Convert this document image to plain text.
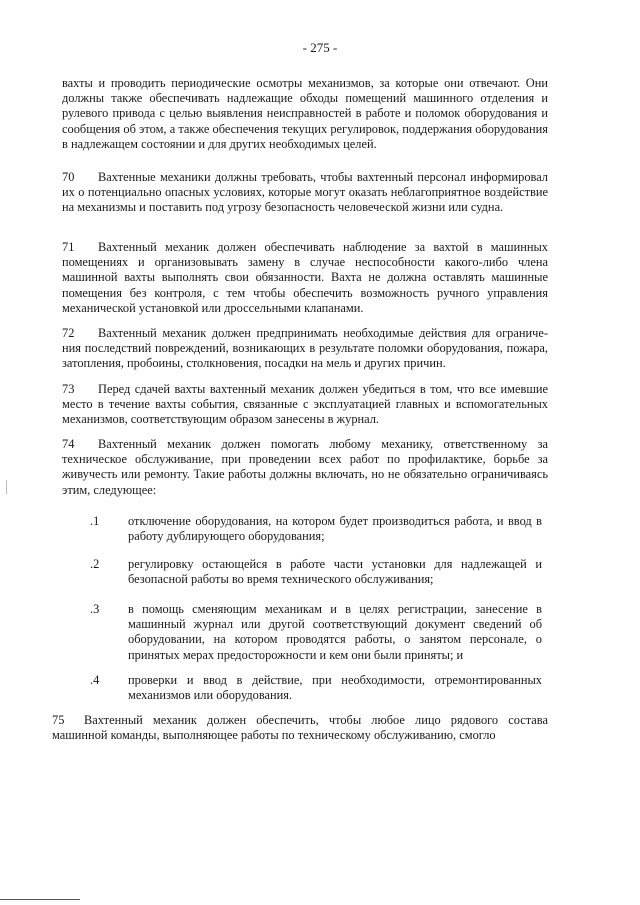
- 275 -
вахты и проводить периодические осмотры механизмов, за которые они отвечают. Они должны также обеспечивать надлежащие обходы помещений машинного отделения и рулевого привода с целью выявления неисправностей в работе и поломок оборудования и сообщения об этом, а также обеспечения текущих регулировок, поддержания оборудования в надлежащем состоянии и для других необходимых целей.
70 Вахтенные механики должны требовать, чтобы вахтенный персонал информировал их о потенциально опасных условиях, которые могут оказать неблагоприятное воздействие на механизмы и поставить под угрозу безопасность человеческой жизни или судна.
71 Вахтенный механик должен обеспечивать наблюдение за вахтой в машинных помещениях и организовывать замену в случае неспособности какого-либо члена машинной вахты выполнять свои обязанности. Вахта не должна оставлять машинные помещения без контроля, с тем чтобы обеспечить возможность ручного управления механической установкой или дроссельными клапанами.
72 Вахтенный механик должен предпринимать необходимые действия для ограниче-ния последствий повреждений, возникающих в результате поломки оборудования, пожара, затопления, пробоины, столкновения, посадки на мель и других причин.
73 Перед сдачей вахты вахтенный механик должен убедиться в том, что все имевшие место в течение вахты события, связанные с эксплуатацией главных и вспомогательных механизмов, соответствующим образом занесены в журнал.
74 Вахтенный механик должен помогать любому механику, ответственному за техническое обслуживание, при проведении всех работ по профилактике, борьбе за живучесть или ремонту. Такие работы должны включать, но не обязательно ограничиваясь этим, следующее:
.1	отключение оборудования, на котором будет производиться работа, и ввод в работу дублирующего оборудования;
.2	регулировку остающейся в работе части установки для надлежащей и безопасной работы во время технического обслуживания;
.3	в помощь сменяющим механикам и в целях регистрации, занесение в машинный журнал или другой соответствующий документ сведений об оборудовании, на котором проводятся работы, о занятом персонале, о принятых мерах предосторожности и кем они были приняты; и
.4	проверки и ввод в действие, при необходимости, отремонтированных механизмов или оборудования.
75 Вахтенный механик должен обеспечить, чтобы любое лицо рядового состава машинной команды, выполняющее работы по техническому обслуживанию, смогло
